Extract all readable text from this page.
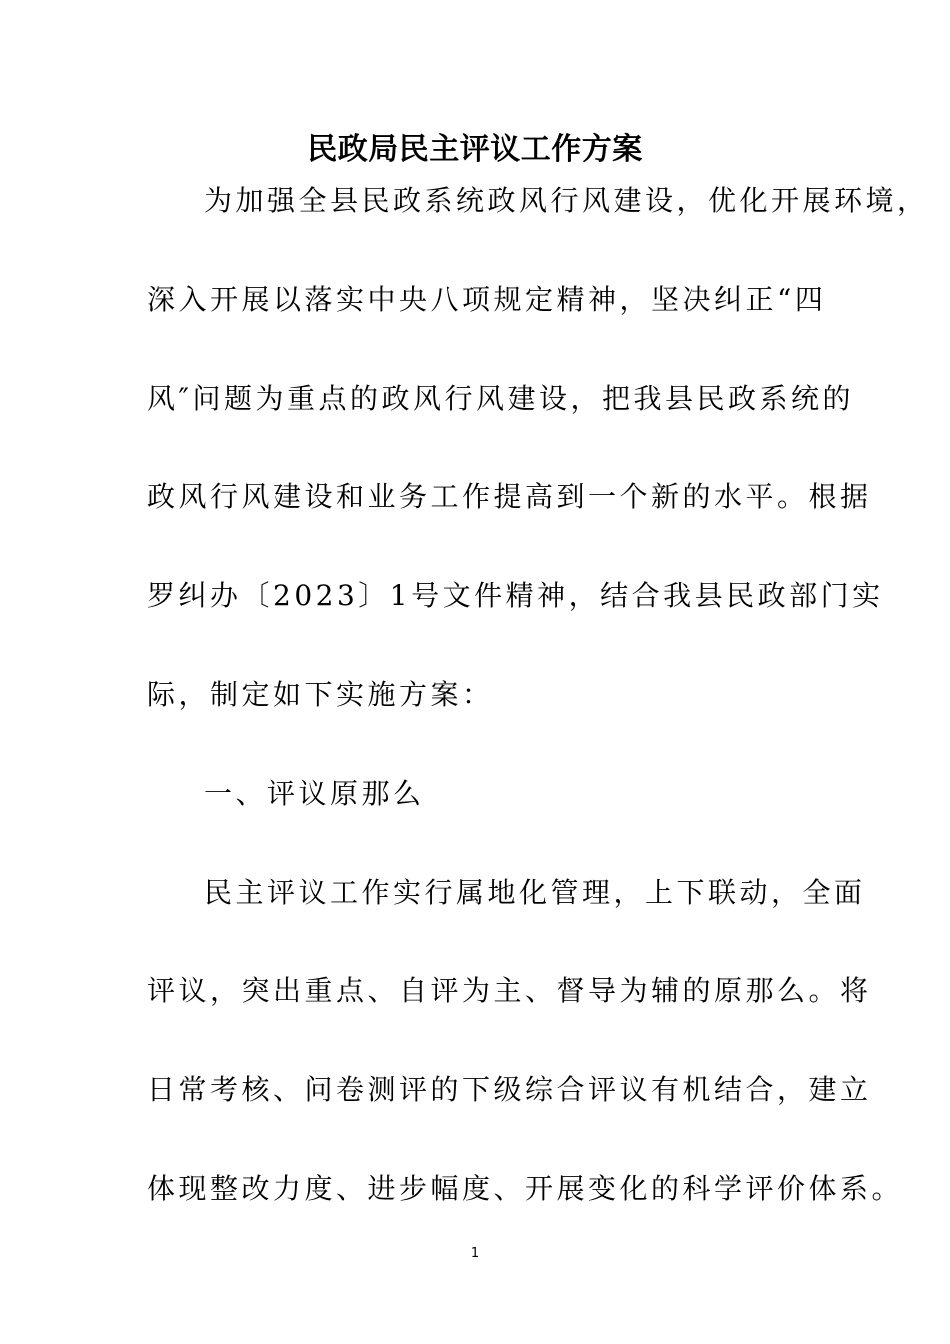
民政局民主评议工作方案
为加强全县民政系统政风行风建设，优化开展环境，
深入开展以落实中央八项规定精神，坚决纠正“四
风″问题为重点的政风行风建设，把我县民政系统的
政风行风建设和业务工作提高到一个新的水平。根据
罗纠办〔2023〕1号文件精神，结合我县民政部门实
际，制定如下实施方案：
一、评议原那么
民主评议工作实行属地化管理，上下联动，全面
评议，突出重点、自评为主、督导为辅的原那么。将
日常考核、问卷测评的下级综合评议有机结合，建立
体现整改力度、进步幅度、开展变化的科学评价体系。
1
